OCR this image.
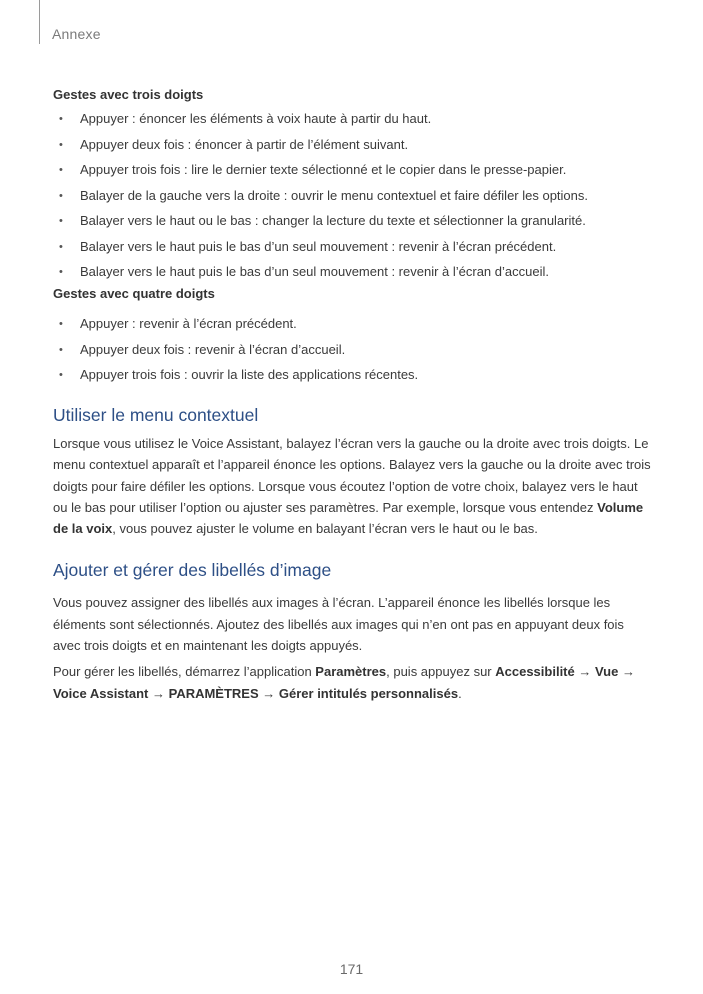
Annexe
Gestes avec trois doigts
• Appuyer : énoncer les éléments à voix haute à partir du haut.
• Appuyer deux fois : énoncer à partir de l’élément suivant.
• Appuyer trois fois : lire le dernier texte sélectionné et le copier dans le presse-papier.
• Balayer de la gauche vers la droite : ouvrir le menu contextuel et faire défiler les options.
• Balayer vers le haut ou le bas : changer la lecture du texte et sélectionner la granularité.
• Balayer vers le haut puis le bas d’un seul mouvement : revenir à l’écran précédent.
• Balayer vers le haut puis le bas d’un seul mouvement : revenir à l’écran d’accueil.
Gestes avec quatre doigts
• Appuyer : revenir à l’écran précédent.
• Appuyer deux fois : revenir à l’écran d’accueil.
• Appuyer trois fois : ouvrir la liste des applications récentes.
Utiliser le menu contextuel

Lorsque vous utilisez le Voice Assistant, balayez l’écran vers la gauche ou la droite avec trois doigts. Le menu contextuel apparaît et l’appareil énonce les options. Balayez vers la gauche ou la droite avec trois doigts pour faire défiler les options. Lorsque vous écoutez l’option de votre choix, balayez vers le haut ou le bas pour utiliser l’option ou ajuster ses paramètres. Par exemple, lorsque vous entendez Volume de la voix, vous pouvez ajuster le volume en balayant l’écran vers le haut ou le bas.

Ajouter et gérer des libellés d’image

Vous pouvez assigner des libellés aux images à l’écran. L’appareil énonce les libellés lorsque les éléments sont sélectionnés. Ajoutez des libellés aux images qui n’en ont pas en appuyant deux fois avec trois doigts et en maintenant les doigts appuyés.

Pour gérer les libellés, démarrez l’application Paramètres, puis appuyez sur Accessibilité → Vue → Voice Assistant → PARAMÈTRES → Gérer intitulés personnalisés.

171
